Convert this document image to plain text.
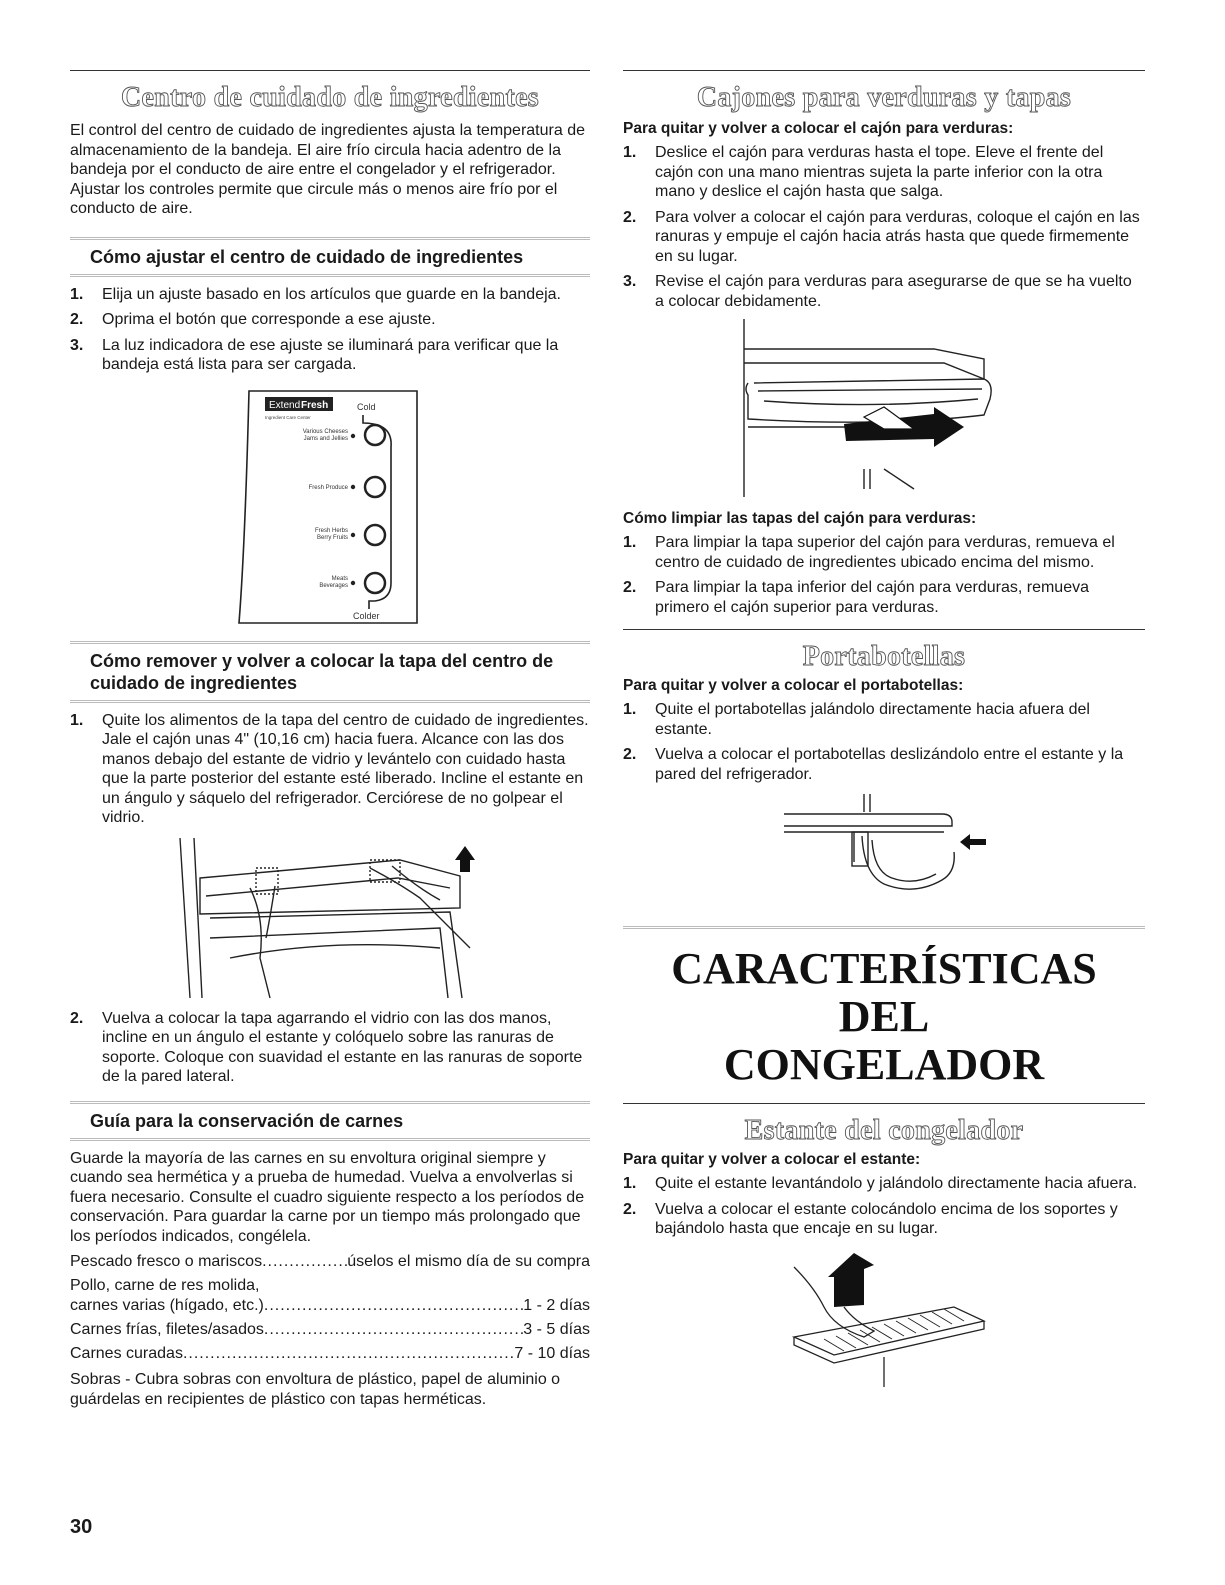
Centro de cuidado de ingredientes

El control del centro de cuidado de ingredientes ajusta la temperatura de almacenamiento de la bandeja. El aire frío circula hacia adentro de la bandeja por el conducto de aire entre el congelador y el refrigerador. Ajustar los controles permite que circule más o menos aire frío por el conducto de aire.

Cómo ajustar el centro de cuidado de ingredientes
1. Elija un ajuste basado en los artículos que guarde en la bandeja.
2. Oprima el botón que corresponde a ese ajuste.
3. La luz indicadora de ese ajuste se iluminará para verificar que la bandeja está lista para ser cargada.
Extend Fresh
Ingredient Care Center
Cold
Colder
Various Cheeses
Jams and Jellies
Fresh Produce
Fresh Herbs
Berry Fruits
Meats
Beverages
Cómo remover y volver a colocar la tapa del centro de cuidado de ingredientes
1. Quite los alimentos de la tapa del centro de cuidado de ingredientes. Jale el cajón unas 4" (10,16 cm) hacia fuera. Alcance con las dos manos debajo del estante de vidrio y levántelo con cuidado hasta que la parte posterior del estante esté liberado. Incline el estante en un ángulo y sáquelo del refrigerador. Cerciórese de no golpear el vidrio.
2. Vuelva a colocar la tapa agarrando el vidrio con las dos manos, incline en un ángulo el estante y colóquelo sobre las ranuras de soporte. Coloque con suavidad el estante en las ranuras de soporte de la pared lateral.
Guía para la conservación de carnes

Guarde la mayoría de las carnes en su envoltura original siempre y cuando sea hermética y a prueba de humedad. Vuelva a envolverlas si fuera necesario. Consulte el cuadro siguiente respecto a los períodos de conservación. Para guardar la carne por un tiempo más prolongado que los períodos indicados, congélela.

Pescado fresco o mariscos .....	úselos el mismo día de su compra
Pollo, carne de res molida,
carnes varias (hígado, etc.) .....	1 - 2 días
Carnes frías, filetes/asados .....	3 - 5 días
Carnes curadas .....	7 - 10 días

Sobras - Cubra sobras con envoltura de plástico, papel de aluminio o guárdelas en recipientes de plástico con tapas herméticas.

Cajones para verduras y tapas
Para quitar y volver a colocar el cajón para verduras:
1. Deslice el cajón para verduras hasta el tope. Eleve el frente del cajón con una mano mientras sujeta la parte inferior con la otra mano y deslice el cajón hasta que salga.
2. Para volver a colocar el cajón para verduras, coloque el cajón en las ranuras y empuje el cajón hacia atrás hasta que quede firmemente en su lugar.
3. Revise el cajón para verduras para asegurarse de que se ha vuelto a colocar debidamente.
Cómo limpiar las tapas del cajón para verduras:
1. Para limpiar la tapa superior del cajón para verduras, remueva el centro de cuidado de ingredientes ubicado encima del mismo.
2. Para limpiar la tapa inferior del cajón para verduras, remueva primero el cajón superior para verduras.
Portabotellas
Para quitar y volver a colocar el portabotellas:
1. Quite el portabotellas jalándolo directamente hacia afuera del estante.
2. Vuelva a colocar el portabotellas deslizándolo entre el estante y la pared del refrigerador.
CARACTERÍSTICAS DEL
CONGELADOR
Estante del congelador
Para quitar y volver a colocar el estante:
1. Quite el estante levantándolo y jalándolo directamente hacia afuera.
2. Vuelva a colocar el estante colocándolo encima de los soportes y bajándolo hasta que encaje en su lugar.
30
